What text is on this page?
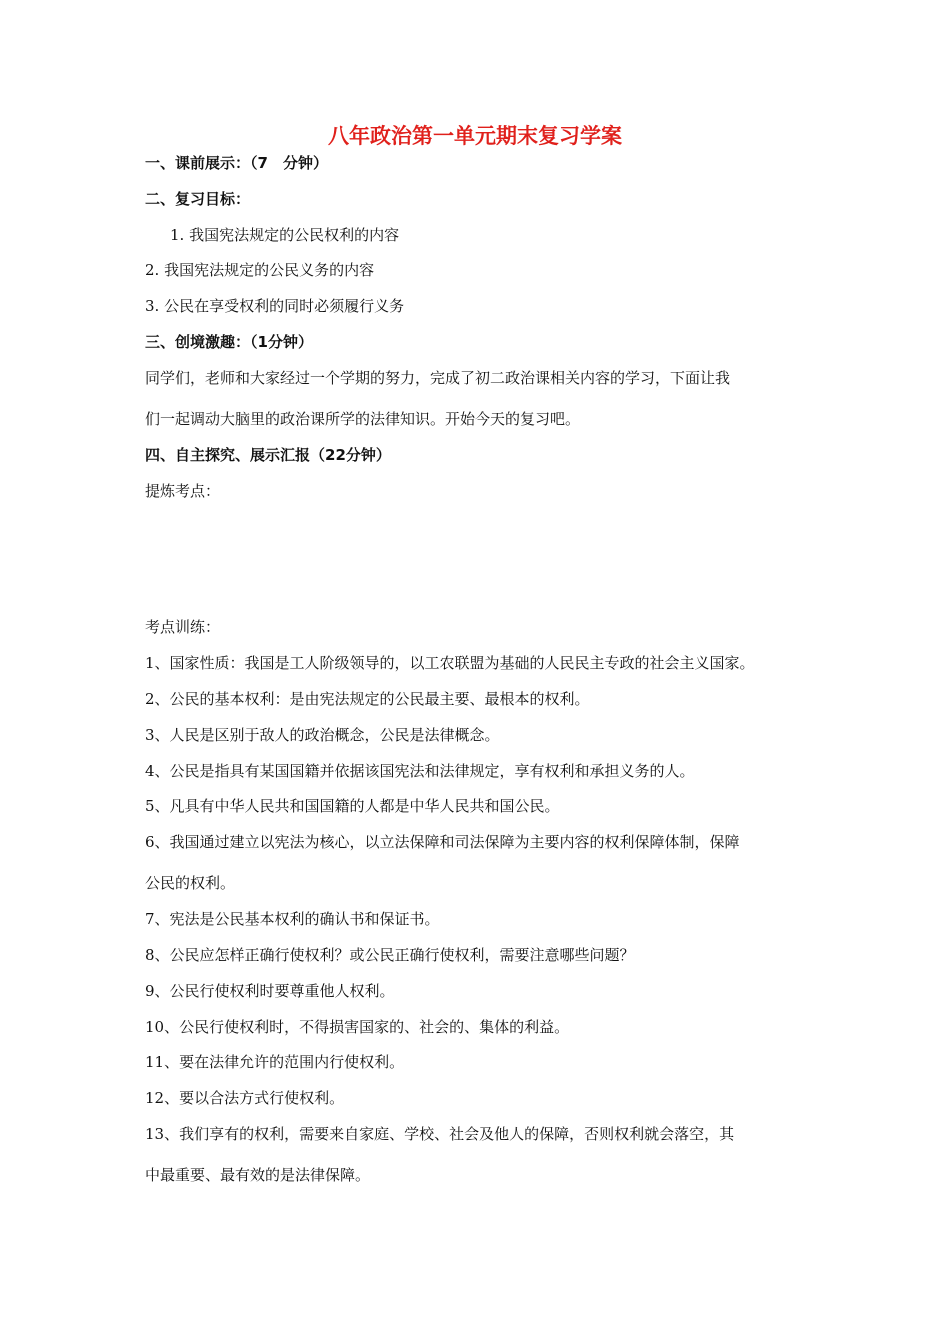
八年政治第一单元期末复习学案
一、课前展示：（7　分钟）
二、复习目标：
1. 我国宪法规定的公民权利的内容
2. 我国宪法规定的公民义务的内容
3. 公民在享受权利的同时必须履行义务
三、创境激趣：（1分钟）
同学们，老师和大家经过一个学期的努力，完成了初二政治课相关内容的学习，下面让我
们一起调动大脑里的政治课所学的法律知识。开始今天的复习吧。
四、自主探究、展示汇报（22分钟）
提炼考点：
考点训练：
1、国家性质：我国是工人阶级领导的，以工农联盟为基础的人民民主专政的社会主义国家。
2、公民的基本权利：是由宪法规定的公民最主要、最根本的权利。
3、人民是区别于敌人的政治概念，公民是法律概念。
4、公民是指具有某国国籍并依据该国宪法和法律规定，享有权利和承担义务的人。
5、凡具有中华人民共和国国籍的人都是中华人民共和国公民。
6、我国通过建立以宪法为核心，以立法保障和司法保障为主要内容的权利保障体制，保障
公民的权利。
7、宪法是公民基本权利的确认书和保证书。
8、公民应怎样正确行使权利？或公民正确行使权利，需要注意哪些问题？
9、公民行使权利时要尊重他人权利。
10、公民行使权利时，不得损害国家的、社会的、集体的利益。
11、要在法律允许的范围内行使权利。
12、要以合法方式行使权利。
13、我们享有的权利，需要来自家庭、学校、社会及他人的保障，否则权利就会落空，其
中最重要、最有效的是法律保障。
